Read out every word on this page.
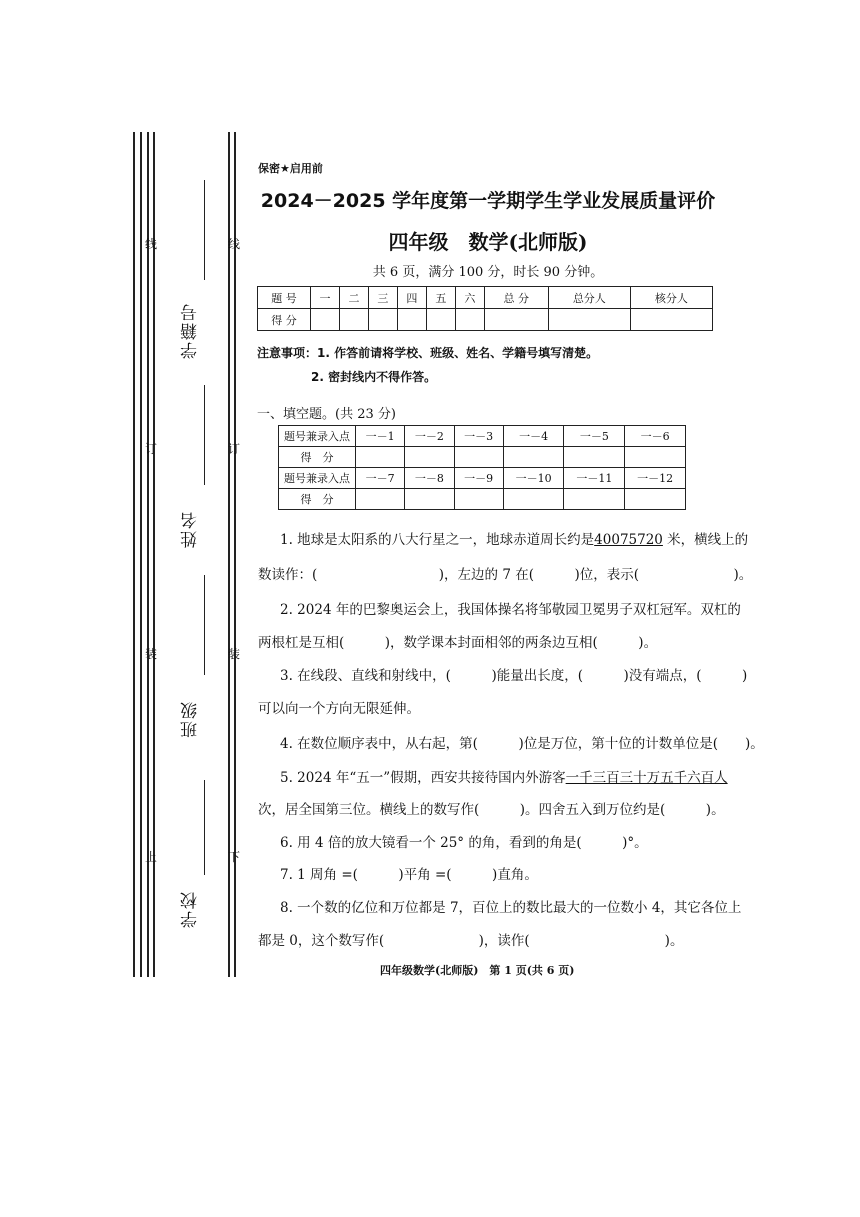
线	线
订	订
装	装
上	下
学籍号
姓名
班级
学校
保密★启用前
2024－2025 学年度第一学期学生学业发展质量评价
四年级　数学(北师版)
共 6 页，满分 100 分，时长 90 分钟。
题 号	一	二	三	四	五	六	总 分	总分人	核分人
得 分									
注意事项：1. 作答前请将学校、班级、姓名、学籍号填写清楚。
2. 密封线内不得作答。
一、填空题。(共 23 分)
题号兼录入点	一－1	一－2	一－3	一－4	一－5	一－6
得　分						
题号兼录入点	一－7	一－8	一－9	一－10	一－11	一－12
得　分						
1. 地球是太阳系的八大行星之一，地球赤道周长约是40075720 米，横线上的
数读作：(　　　　　　　　　)，左边的 7 在(　　　)位，表示(　　　　　　　)。
2. 2024 年的巴黎奥运会上，我国体操名将邹敬园卫冕男子双杠冠军。双杠的
两根杠是互相(　　　)，数学课本封面相邻的两条边互相(　　　)。
3. 在线段、直线和射线中，(　　　)能量出长度，(　　　)没有端点，(　　　)
可以向一个方向无限延伸。
4. 在数位顺序表中，从右起，第(　　　)位是万位，第十位的计数单位是(　　)。
5. 2024 年“五一”假期，西安共接待国内外游客一千三百三十万五千六百人
次，居全国第三位。横线上的数写作(　　　)。四舍五入到万位约是(　　　)。
6. 用 4 倍的放大镜看一个 25° 的角，看到的角是(　　　)°。
7. 1 周角 =(　　　)平角 =(　　　)直角。
8. 一个数的亿位和万位都是 7，百位上的数比最大的一位数小 4，其它各位上
都是 0，这个数写作(　　　　　　　)，读作(　　　　　　　　　　)。
四年级数学(北师版)　第 1 页(共 6 页)
